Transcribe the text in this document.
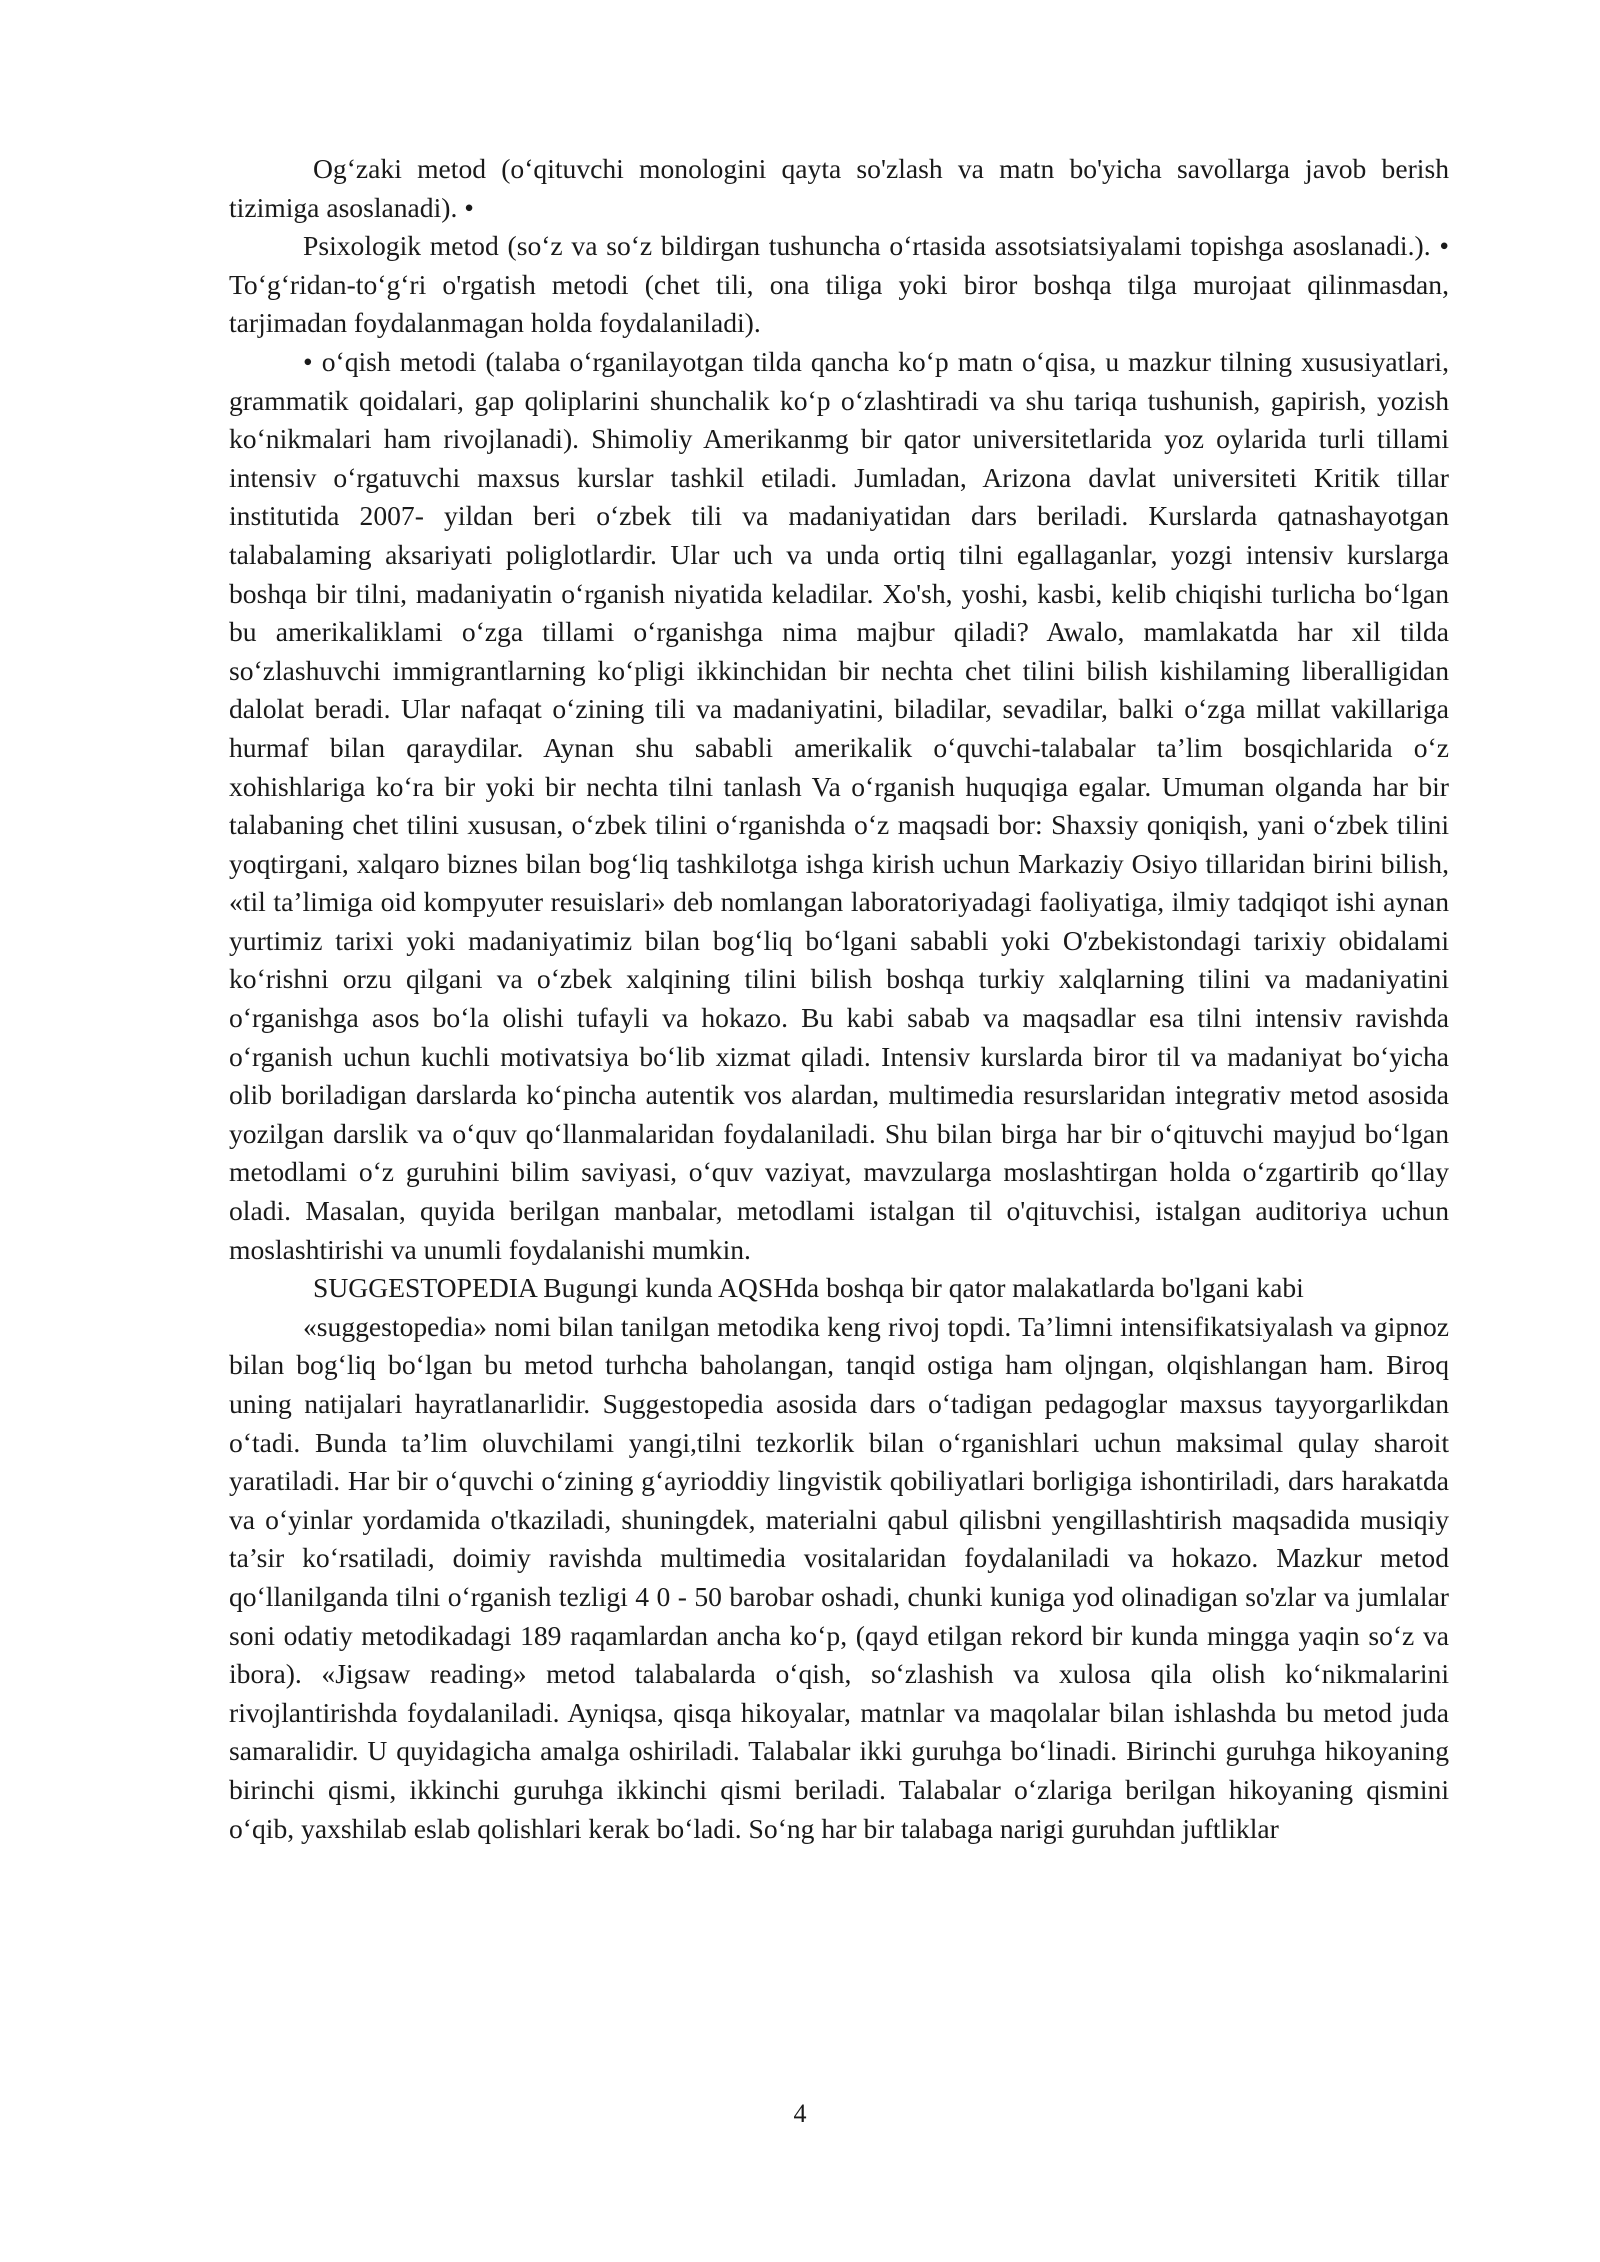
Og‘zaki metod (o‘qituvchi monologini qayta so'zlash va matn bo'yicha savollarga javob berish tizimiga asoslanadi). •

Psixologik metod (so‘z va so‘z bildirgan tushuncha o‘rtasida assotsiatsiyalami topishga asoslanadi.). • To‘g‘ridan-to‘g‘ri o'rgatish metodi (chet tili, ona tiliga yoki biror boshqa tilga murojaat qilinmasdan, tarjimadan foydalanmagan holda foydalaniladi).

• o‘qish metodi (talaba o‘rganilayotgan tilda qancha ko‘p matn o‘qisa, u mazkur tilning xususiyatlari, grammatik qoidalari, gap qoliplarini shunchalik ko‘p o‘zlashtiradi va shu tariqa tushunish, gapirish, yozish ko‘nikmalari ham rivojlanadi). Shimoliy Amerikanmg bir qator universitetlarida yoz oylarida turli tillami intensiv o‘rgatuvchi maxsus kurslar tashkil etiladi. Jumladan, Arizona davlat universiteti Kritik tillar institutida 2007- yildan beri o‘zbek tili va madaniyatidan dars beriladi. Kurslarda qatnashayotgan talabalaming aksariyati poliglotlardir. Ular uch va unda ortiq tilni egallaganlar, yozgi intensiv kurslarga boshqa bir tilni, madaniyatin o‘rganish niyatida keladilar. Xo'sh, yoshi, kasbi, kelib chiqishi turlicha bo‘lgan bu amerikaliklami o‘zga tillami o‘rganishga nima majbur qiladi? Awalo, mamlakatda har xil tilda so‘zlashuvchi immigrantlarning ko‘pligi ikkinchidan bir nechta chet tilini bilish kishilaming liberalligidan dalolat beradi. Ular nafaqat o‘zining tili va madaniyatini, biladilar, sevadilar, balki o‘zga millat vakillariga hurmaf bilan qaraydilar. Aynan shu sababli amerikalik o‘quvchi-talabalar ta’lim bosqichlarida o‘z xohishlariga ko‘ra bir yoki bir nechta tilni tanlash Va o‘rganish huquqiga egalar. Umuman olganda har bir talabaning chet tilini xususan, o‘zbek tilini o‘rganishda o‘z maqsadi bor: Shaxsiy qoniqish, yani o‘zbek tilini yoqtirgani, xalqaro biznes bilan bog‘liq tashkilotga ishga kirish uchun Markaziy Osiyo tillaridan birini bilish, «til ta’limiga oid kompyuter resuislari» deb nomlangan laboratoriyadagi faoliyatiga, ilmiy tadqiqot ishi aynan yurtimiz tarixi yoki madaniyatimiz bilan bog‘liq bo‘lgani sababli yoki O'zbekistondagi tarixiy obidalami ko‘rishni orzu qilgani va o‘zbek xalqining tilini bilish boshqa turkiy xalqlarning tilini va madaniyatini o‘rganishga asos bo‘la olishi tufayli va hokazo. Bu kabi sabab va maqsadlar esa tilni intensiv ravishda o‘rganish uchun kuchli motivatsiya bo‘lib xizmat qiladi. Intensiv kurslarda biror til va madaniyat bo‘yicha olib boriladigan darslarda ko‘pincha autentik vos alardan, multimedia resurslaridan integrativ metod asosida yozilgan darslik va o‘quv qo‘llanmalaridan foydalaniladi. Shu bilan birga har bir o‘qituvchi mayjud bo‘lgan metodlami o‘z guruhini bilim saviyasi, o‘quv vaziyat, mavzularga moslashtirgan holda o‘zgartirib qo‘llay oladi. Masalan, quyida berilgan manbalar, metodlami istalgan til o'qituvchisi, istalgan auditoriya uchun moslashtirishi va unumli foydalanishi mumkin.

SUGGESTOPEDIA Bugungi kunda AQSHda boshqa bir qator malakatlarda bo'lgani kabi

«suggestopedia» nomi bilan tanilgan metodika keng rivoj topdi. Ta’limni intensifikatsiyalash va gipnoz bilan bog‘liq bo‘lgan bu metod turhcha baholangan, tanqid ostiga ham oljngan, olqishlangan ham. Biroq uning natijalari hayratlanarlidir. Suggestopedia asosida dars o‘tadigan pedagoglar maxsus tayyorgarlikdan o‘tadi. Bunda ta’lim oluvchilami yangi,tilni tezkorlik bilan o‘rganishlari uchun maksimal qulay sharoit yaratiladi. Har bir o‘quvchi o‘zining g‘ayrioddiy lingvistik qobiliyatlari borligiga ishontiriladi, dars harakatda va o‘yinlar yordamida o'tkaziladi, shuningdek, materialni qabul qilisbni yengillashtirish maqsadida musiqiy ta’sir ko‘rsatiladi, doimiy ravishda multimedia vositalaridan foydalaniladi va hokazo. Mazkur metod qo‘llanilganda tilni o‘rganish tezligi 4 0 - 50 barobar oshadi, chunki kuniga yod olinadigan so'zlar va jumlalar soni odatiy metodikadagi 189 raqamlardan ancha ko‘p, (qayd etilgan rekord bir kunda mingga yaqin so‘z va ibora). «Jigsaw reading» metod talabalarda o‘qish, so‘zlashish va xulosa qila olish ko‘nikmalarini rivojlantirishda foydalaniladi. Ayniqsa, qisqa hikoyalar, matnlar va maqolalar bilan ishlashda bu metod juda samaralidir. U quyidagicha amalga oshiriladi. Talabalar ikki guruhga bo‘linadi. Birinchi guruhga hikoyaning birinchi qismi, ikkinchi guruhga ikkinchi qismi beriladi. Talabalar o‘zlariga berilgan hikoyaning qismini o‘qib, yaxshilab eslab qolishlari kerak bo‘ladi. So‘ng har bir talabaga narigi guruhdan juftliklar

4
